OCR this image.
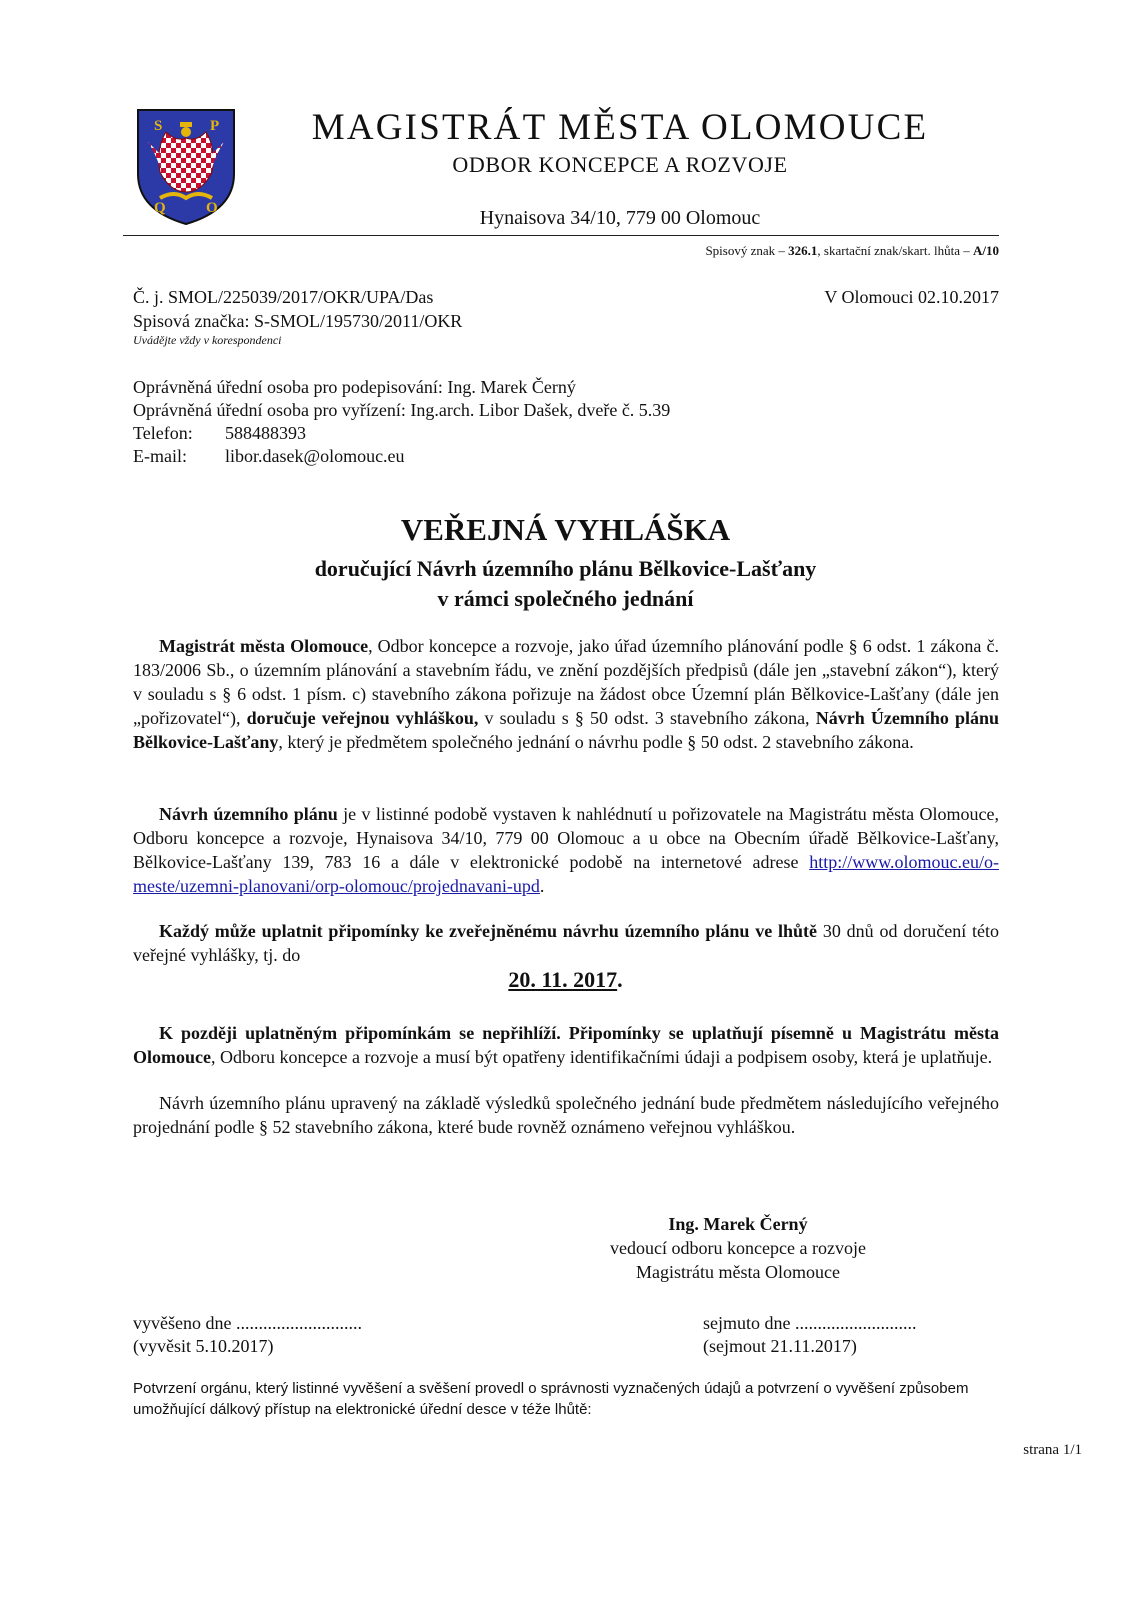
S	P
Q	O
MAGISTRÁT MĚSTA OLOMOUCE
ODBOR KONCEPCE A ROZVOJE
Hynaisova 34/10, 779 00 Olomouc
Spisový znak – 326.1, skartační znak/skart. lhůta – A/10
Č. j. SMOL/225039/2017/OKR/UPA/Das	V Olomouci 02.10.2017
Spisová značka: S-SMOL/195730/2011/OKR
Uvádějte vždy v korespondenci
Oprávněná úřední osoba pro podepisování: Ing. Marek Černý
Oprávněná úřední osoba pro vyřízení: Ing.arch. Libor Dašek, dveře č. 5.39
Telefon: 588488393
E-mail: libor.dasek@olomouc.eu
VEŘEJNÁ VYHLÁŠKA
doručující Návrh územního plánu Bělkovice-Lašťany
v rámci společného jednání
Magistrát města Olomouce, Odbor koncepce a rozvoje, jako úřad územního plánování podle § 6 odst. 1 zákona č. 183/2006 Sb., o územním plánování a stavebním řádu, ve znění pozdějších předpisů (dále jen „stavební zákon“), který v souladu s § 6 odst. 1 písm. c) stavebního zákona pořizuje na žádost obce Územní plán Bělkovice-Lašťany (dále jen „pořizovatel“), doručuje veřejnou vyhláškou, v souladu s § 50 odst. 3 stavebního zákona, Návrh Územního plánu Bělkovice-Lašťany, který je předmětem společného jednání o návrhu podle § 50 odst. 2 stavebního zákona.
Návrh územního plánu je v listinné podobě vystaven k nahlédnutí u pořizovatele na Magistrátu města Olomouce, Odboru koncepce a rozvoje, Hynaisova 34/10, 779 00 Olomouc a u obce na Obecním úřadě Bělkovice-Lašťany, Bělkovice-Lašťany 139, 783 16 a dále v elektronické podobě na internetové adrese http://www.olomouc.eu/o-meste/uzemni-planovani/orp-olomouc/projednavani-upd.
Každý může uplatnit připomínky ke zveřejněnému návrhu územního plánu ve lhůtě 30 dnů od doručení této veřejné vyhlášky, tj. do
20. 11. 2017.
K později uplatněným připomínkám se nepřihlíží. Připomínky se uplatňují písemně u Magistrátu města Olomouce, Odboru koncepce a rozvoje a musí být opatřeny identifikačními údaji a podpisem osoby, která je uplatňuje.
Návrh územního plánu upravený na základě výsledků společného jednání bude předmětem následujícího veřejného projednání podle § 52 stavebního zákona, které bude rovněž oznámeno veřejnou vyhláškou.
Ing. Marek Černý
vedoucí odboru koncepce a rozvoje
Magistrátu města Olomouce
vyvěšeno dne ............................
(vyvěsit 5.10.2017)
sejmuto dne ...........................
(sejmout 21.11.2017)
Potvrzení orgánu, který listinné vyvěšení a svěšení provedl o správnosti vyznačených údajů a potvrzení o vyvěšení způsobem umožňující dálkový přístup na elektronické úřední desce v téže lhůtě:
strana 1/1
